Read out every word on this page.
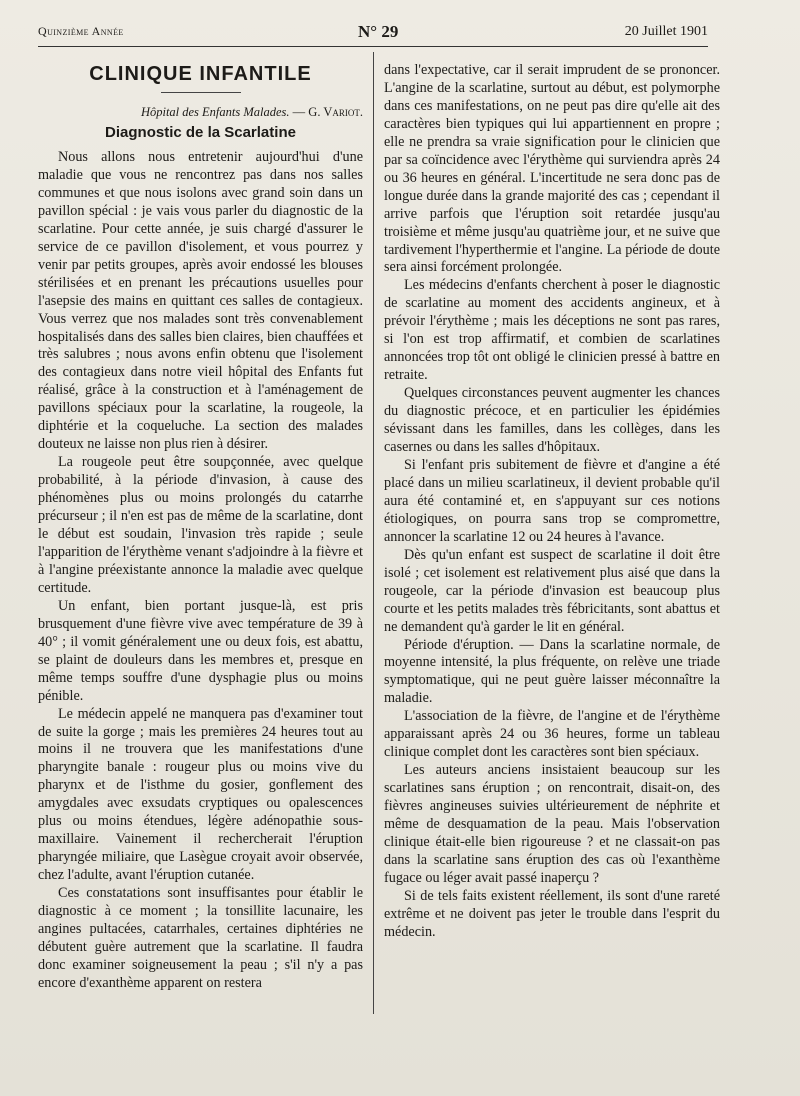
Quinzième Année	N° 29	20 Juillet 1901
CLINIQUE INFANTILE

Hôpital des Enfants Malades. — G. Variot.

Diagnostic de la Scarlatine

Nous allons nous entretenir aujourd'hui d'une maladie que vous ne rencontrez pas dans nos salles communes et que nous isolons avec grand soin dans un pavillon spécial : je vais vous parler du diagnostic de la scarlatine. Pour cette année, je suis chargé d'assurer le service de ce pavillon d'isolement, et vous pourrez y venir par petits groupes, après avoir endossé les blouses stérilisées et en prenant les précautions usuelles pour l'asepsie des mains en quittant ces salles de contagieux. Vous verrez que nos malades sont très convenablement hospitalisés dans des salles bien claires, bien chauffées et très salubres ; nous avons enfin obtenu que l'isolement des contagieux dans notre vieil hôpital des Enfants fut réalisé, grâce à la construction et à l'aménagement de pavillons spéciaux pour la scarlatine, la rougeole, la diphtérie et la coqueluche. La section des malades douteux ne laisse non plus rien à désirer.

La rougeole peut être soupçonnée, avec quelque probabilité, à la période d'invasion, à cause des phénomènes plus ou moins prolongés du catarrhe précurseur ; il n'en est pas de même de la scarlatine, dont le début est soudain, l'invasion très rapide ; seule l'apparition de l'érythème venant s'adjoindre à la fièvre et à l'angine préexistante annonce la maladie avec quelque certitude.

Un enfant, bien portant jusque-là, est pris brusquement d'une fièvre vive avec température de 39 à 40° ; il vomit généralement une ou deux fois, est abattu, se plaint de douleurs dans les membres et, presque en même temps souffre d'une dysphagie plus ou moins pénible.

Le médecin appelé ne manquera pas d'examiner tout de suite la gorge ; mais les premières 24 heures tout au moins il ne trouvera que les manifestations d'une pharyngite banale : rougeur plus ou moins vive du pharynx et de l'isthme du gosier, gonflement des amygdales avec exsudats cryptiques ou opalescences plus ou moins étendues, légère adénopathie sous-maxillaire. Vainement il rechercherait l'éruption pharyngée miliaire, que Lasègue croyait avoir observée, chez l'adulte, avant l'éruption cutanée.

Ces constatations sont insuffisantes pour établir le diagnostic à ce moment ; la tonsillite lacunaire, les angines pultacées, catarrhales, certaines diphtéries ne débutent guère autrement que la scarlatine. Il faudra donc examiner soigneusement la peau ; s'il n'y a pas encore d'exanthème apparent on restera

dans l'expectative, car il serait imprudent de se prononcer. L'angine de la scarlatine, surtout au début, est polymorphe dans ces manifestations, on ne peut pas dire qu'elle ait des caractères bien typiques qui lui appartiennent en propre ; elle ne prendra sa vraie signification pour le clinicien que par sa coïncidence avec l'érythème qui surviendra après 24 ou 36 heures en général. L'incertitude ne sera donc pas de longue durée dans la grande majorité des cas ; cependant il arrive parfois que l'éruption soit retardée jusqu'au troisième et même jusqu'au quatrième jour, et ne suive que tardivement l'hyperthermie et l'angine. La période de doute sera ainsi forcément prolongée.

Les médecins d'enfants cherchent à poser le diagnostic de scarlatine au moment des accidents angineux, et à prévoir l'érythème ; mais les déceptions ne sont pas rares, si l'on est trop affirmatif, et combien de scarlatines annoncées trop tôt ont obligé le clinicien pressé à battre en retraite.

Quelques circonstances peuvent augmenter les chances du diagnostic précoce, et en particulier les épidémies sévissant dans les familles, dans les collèges, dans les casernes ou dans les salles d'hôpitaux.

Si l'enfant pris subitement de fièvre et d'angine a été placé dans un milieu scarlatineux, il devient probable qu'il aura été contaminé et, en s'appuyant sur ces notions étiologiques, on pourra sans trop se compromettre, annoncer la scarlatine 12 ou 24 heures à l'avance.

Dès qu'un enfant est suspect de scarlatine il doit être isolé ; cet isolement est relativement plus aisé que dans la rougeole, car la période d'invasion est beaucoup plus courte et les petits malades très fébricitants, sont abattus et ne demandent qu'à garder le lit en général.

Période d'éruption. — Dans la scarlatine normale, de moyenne intensité, la plus fréquente, on relève une triade symptomatique, qui ne peut guère laisser méconnaître la maladie.

L'association de la fièvre, de l'angine et de l'érythème apparaissant après 24 ou 36 heures, forme un tableau clinique complet dont les caractères sont bien spéciaux.

Les auteurs anciens insistaient beaucoup sur les scarlatines sans éruption ; on rencontrait, disait-on, des fièvres angineuses suivies ultérieurement de néphrite et même de desquamation de la peau. Mais l'observation clinique était-elle bien rigoureuse ? et ne classait-on pas dans la scarlatine sans éruption des cas où l'exanthème fugace ou léger avait passé inaperçu ?

Si de tels faits existent réellement, ils sont d'une rareté extrême et ne doivent pas jeter le trouble dans l'esprit du médecin.
